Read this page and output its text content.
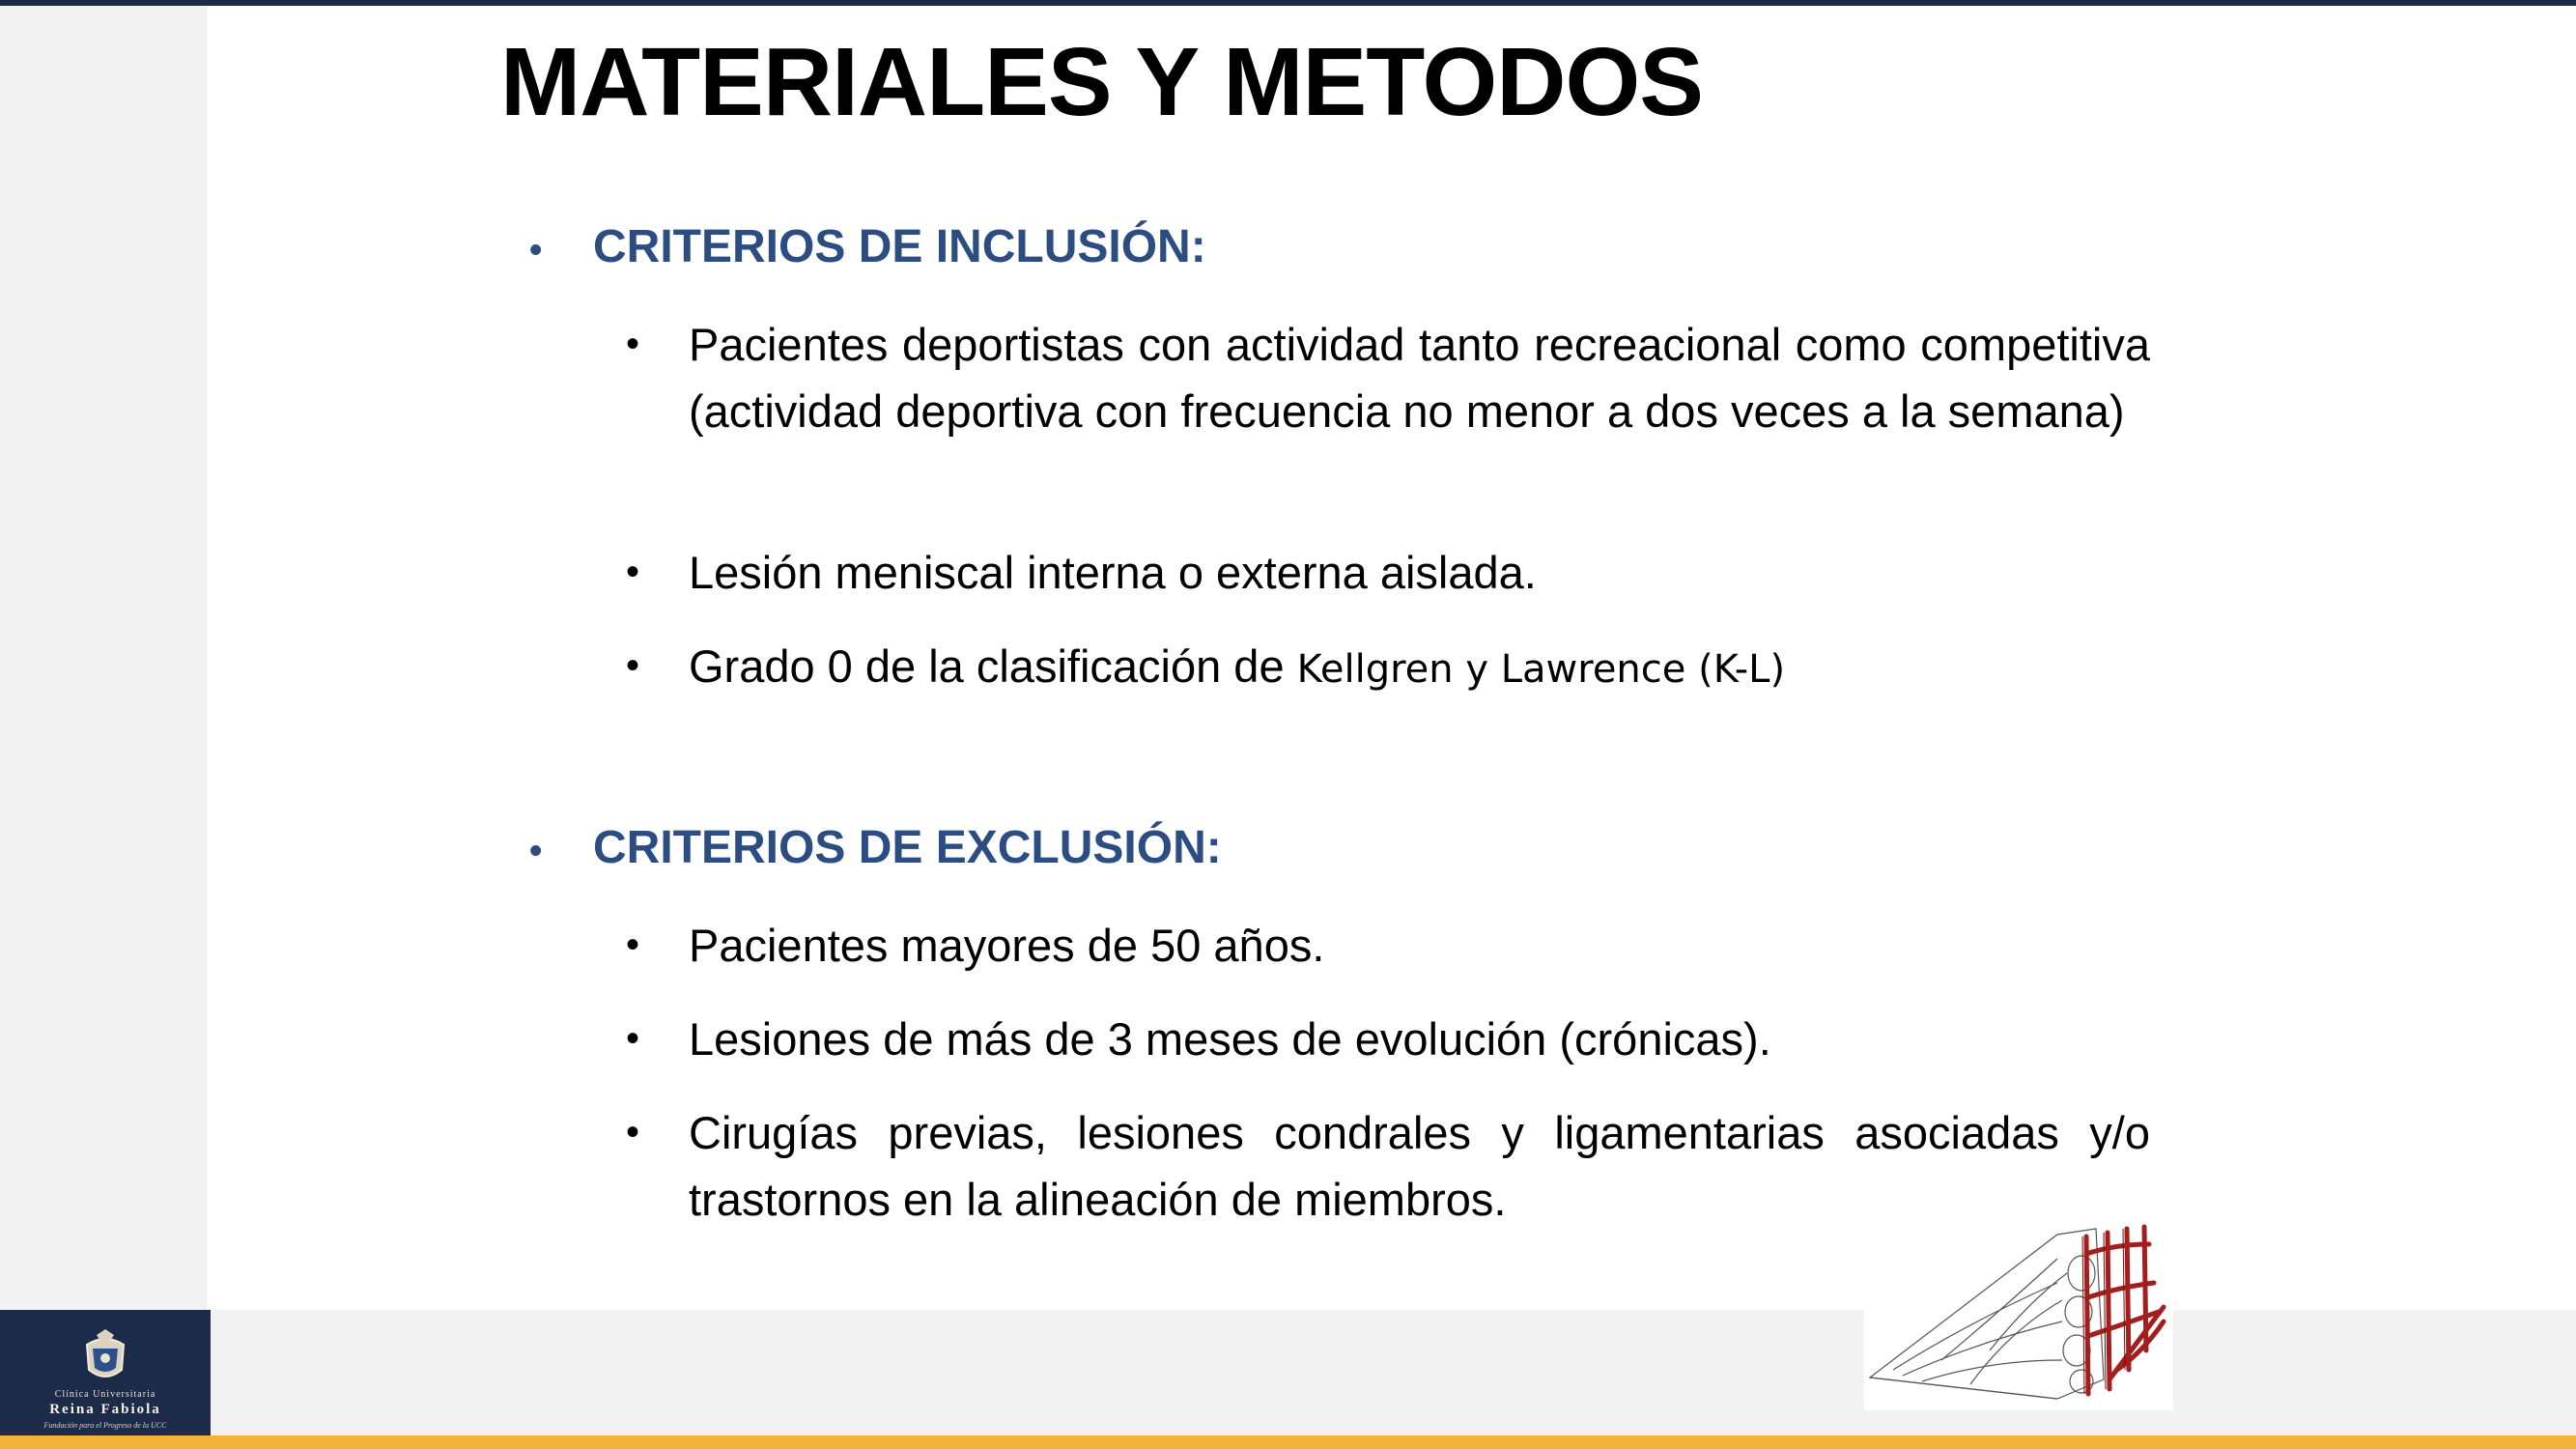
Clínica Universitaria
Reina Fabiola
Fundación para el Progreso de la UCC
MATERIALES Y METODOS
•	CRITERIOS DE INCLUSIÓN:
• Pacientes deportistas con actividad tanto recreacional como competitiva (actividad deportiva con frecuencia no menor a dos veces a la semana)
• Lesión meniscal interna o externa aislada.
• Grado 0 de la clasificación de Kellgren y Lawrence (K-L)
•	CRITERIOS DE EXCLUSIÓN:
• Pacientes mayores de 50 años.
• Lesiones de más de 3 meses de evolución (crónicas).
• Cirugías previas, lesiones condrales y ligamentarias asociadas y/o trastornos en la alineación de miembros.
